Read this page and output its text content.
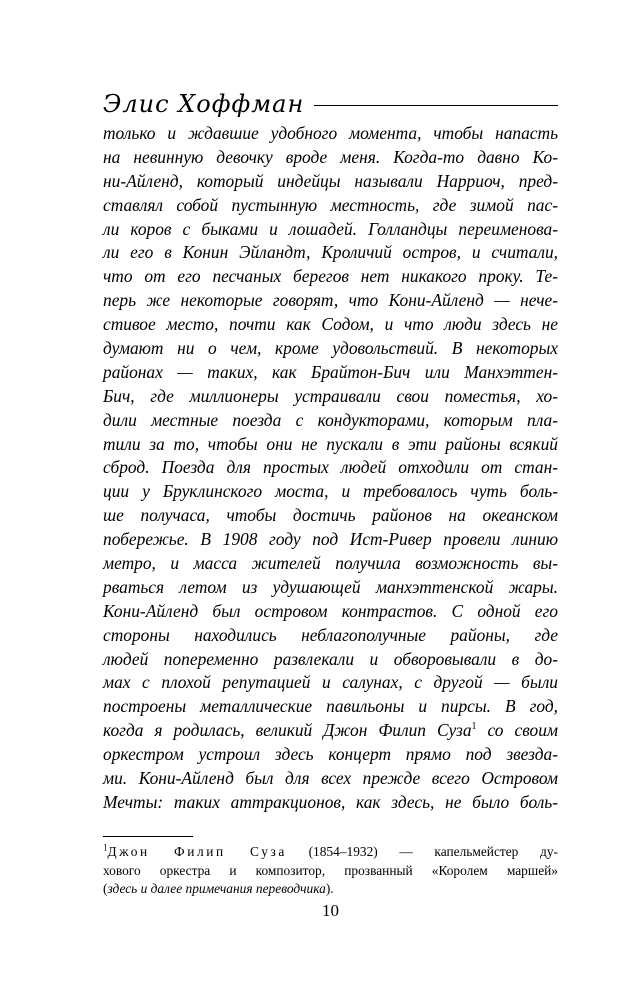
Элис Хоффман
только и ждавшие удобного момента, чтобы напасть
на невинную девочку вроде меня. Когда-то давно Ко-
ни-Айленд, который индейцы называли Нарриоч, пред-
ставлял собой пустынную местность, где зимой пас-
ли коров с быками и лошадей. Голландцы переименова-
ли его в Конин Эйландт, Кроличий остров, и считали,
что от его песчаных берегов нет никакого проку. Те-
перь же некоторые говорят, что Кони-Айленд — нече-
стивое место, почти как Содом, и что люди здесь не
думают ни о чем, кроме удовольствий. В некоторых
районах — таких, как Брайтон-Бич или Манхэттен-
Бич, где миллионеры устраивали свои поместья, хо-
дили местные поезда с кондукторами, которым пла-
тили за то, чтобы они не пускали в эти районы всякий
сброд. Поезда для простых людей отходили от стан-
ции у Бруклинского моста, и требовалось чуть боль-
ше получаса, чтобы достичь районов на океанском
побережье. В 1908 году под Ист-Ривер провели линию
метро, и масса жителей получила возможность вы-
рваться летом из удушающей манхэттенской жары.
Кони-Айленд был островом контрастов. С одной его
стороны находились неблагополучные районы, где
людей попеременно развлекали и обворовывали в до-
мах с плохой репутацией и салунах, с другой — были
построены металлические павильоны и пирсы. В год,
когда я родилась, великий Джон Филип Суза$^1$ со своим
оркестром устроил здесь концерт прямо под звезда-
ми. Кони-Айленд был для всех прежде всего Островом
Мечты: таких аттракционов, как здесь, не было боль-
$^1$Джон Филип Суза (1854–1932) — капельмейстер ду-
хового оркестра и композитор, прозванный «Королем маршей»
(здесь и далее примечания переводчика).
10
